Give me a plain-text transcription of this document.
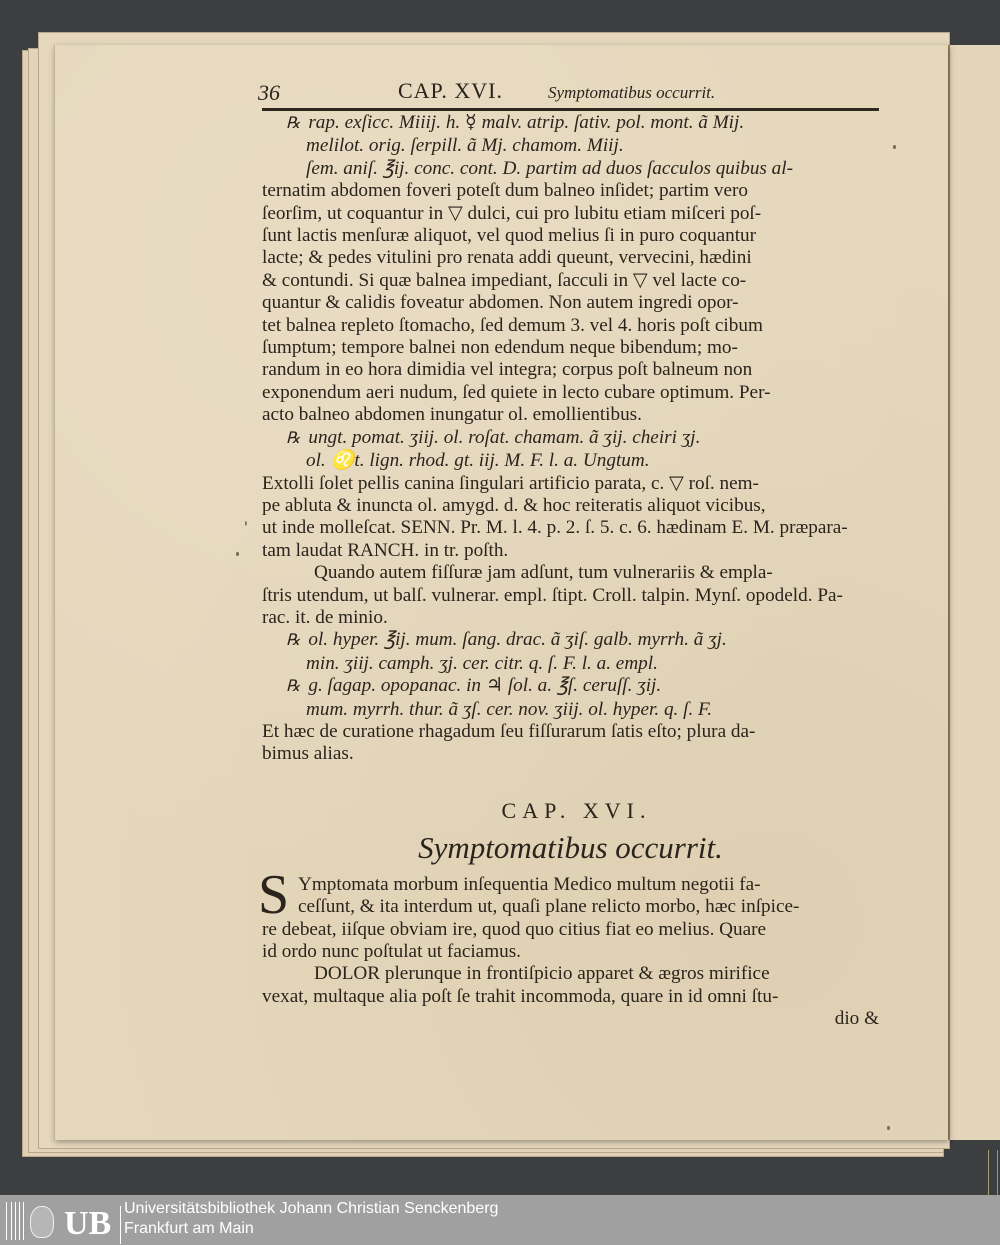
'
36	CAP. XVI.	Symptomatibus occurrit.
℞ rap. exſicc. Miiij. h. ☿ malv. atrip. ſativ. pol. mont. ã Mij.
melilot. orig. ſerpill. ã Mj. chamom. Miij.
ſem. aniſ. ℥ij. conc. cont. D. partim ad duos ſacculos quibus al-
ternatim abdomen foveri poteſt dum balneo inſidet; partim vero
ſeorſim, ut coquantur in ▽ dulci, cui pro lubitu etiam miſceri poſ-
ſunt lactis menſuræ aliquot, vel quod melius ſi in puro coquantur
lacte; & pedes vitulini pro renata addi queunt, vervecini, hædini
& contundi. Si quæ balnea impediant, ſacculi in ▽ vel lacte co-
quantur & calidis foveatur abdomen. Non autem ingredi opor-
tet balnea repleto ſtomacho, ſed demum 3. vel 4. horis poſt cibum
ſumptum; tempore balnei non edendum neque bibendum; mo-
randum in eo hora dimidia vel integra; corpus poſt balneum non
exponendum aeri nudum, ſed quiete in lecto cubare optimum. Per-
acto balneo abdomen inungatur ol. emollientibus.
℞ ungt. pomat. ʒiij. ol. roſat. chamam. ã ʒij. cheiri ʒj.
ol. ♌t. lign. rhod. gt. iij. M. F. l. a. Ungtum.
Extolli ſolet pellis canina ſingulari artificio parata, c. ▽ roſ. nem-
pe abluta & inuncta ol. amygd. d. & hoc reiteratis aliquot vicibus,
ut inde molleſcat. SENN. Pr. M. l. 4. p. 2. ſ. 5. c. 6. hædinam E. M. præpara-
tam laudat RANCH. in tr. poſth.
Quando autem fiſſuræ jam adſunt, tum vulnerariis & empla-
ſtris utendum, ut balſ. vulnerar. empl. ſtipt. Croll. talpin. Mynſ. opodeld. Pa-
rac. it. de minio.
℞ ol. hyper. ℥ij. mum. ſang. drac. ã ʒiſ. galb. myrrh. ã ʒj.
min. ʒiij. camph. ʒj. cer. citr. q. ſ. F. l. a. empl.
℞ g. ſagap. opopanac. in ♃ ſol. a. ℥ſ. ceruſſ. ʒij.
mum. myrrh. thur. ã ʒſ. cer. nov. ʒiij. ol. hyper. q. ſ. F.
Et hæc de curatione rhagadum ſeu fiſſurarum ſatis eſto; plura da-
bimus alias.
CAP. XVI.
Symptomatibus occurrit.
S Ymptomata morbum inſequentia Medico multum negotii fa-
ceſſunt, & ita interdum ut, quaſi plane relicto morbo, hæc inſpice-
re debeat, iiſque obviam ire, quod quo citius fiat eo melius. Quare
id ordo nunc poſtulat ut faciamus.
DOLOR plerunque in frontiſpicio apparet & ægros mirifice
vexat, multaque alia poſt ſe trahit incommoda, quare in id omni ſtu-
dio &
UB Universitätsbibliothek Johann Christian Senckenberg
Frankfurt am Main
